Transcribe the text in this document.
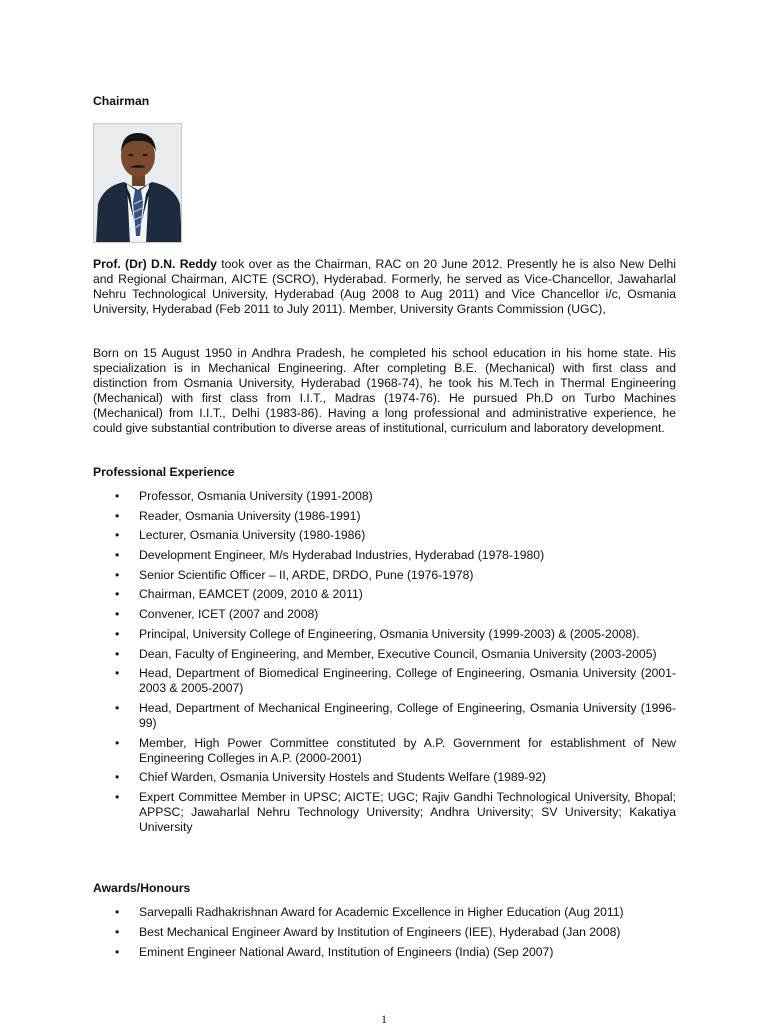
Chairman

Prof. (Dr) D.N. Reddy took over as the Chairman, RAC on 20 June 2012. Presently he is also New Delhi and Regional Chairman, AICTE (SCRO), Hyderabad. Formerly, he served as Vice-Chancellor, Jawaharlal Nehru Technological University, Hyderabad (Aug 2008 to Aug 2011) and Vice Chancellor i/c, Osmania University, Hyderabad (Feb 2011 to July 2011). Member, University Grants Commission (UGC),

Born on 15 August 1950 in Andhra Pradesh, he completed his school education in his home state. His specialization is in Mechanical Engineering. After completing B.E. (Mechanical) with first class and distinction from Osmania University, Hyderabad (1968-74), he took his M.Tech in Thermal Engineering (Mechanical) with first class from I.I.T., Madras (1974-76). He pursued Ph.D on Turbo Machines (Mechanical) from I.I.T., Delhi (1983-86). Having a long professional and administrative experience, he could give substantial contribution to diverse areas of institutional, curriculum and laboratory development.

Professional Experience
• Professor, Osmania University (1991-2008)
• Reader, Osmania University (1986-1991)
• Lecturer, Osmania University (1980-1986)
• Development Engineer, M/s Hyderabad Industries, Hyderabad (1978-1980)
• Senior Scientific Officer – II, ARDE, DRDO, Pune (1976-1978)
• Chairman, EAMCET (2009, 2010 & 2011)
• Convener, ICET (2007 and 2008)
• Principal, University College of Engineering, Osmania University (1999-2003) & (2005-2008).
• Dean, Faculty of Engineering, and Member, Executive Council, Osmania University (2003-2005)
• Head, Department of Biomedical Engineering, College of Engineering, Osmania University (2001-2003 & 2005-2007)
• Head, Department of Mechanical Engineering, College of Engineering, Osmania University (1996-99)
• Member, High Power Committee constituted by A.P. Government for establishment of New Engineering Colleges in A.P. (2000-2001)
• Chief Warden, Osmania University Hostels and Students Welfare (1989-92)
• Expert Committee Member in UPSC; AICTE; UGC; Rajiv Gandhi Technological University, Bhopal; APPSC; Jawaharlal Nehru Technology University; Andhra University; SV University; Kakatiya University
Awards/Honours
• Sarvepalli Radhakrishnan Award for Academic Excellence in Higher Education (Aug 2011)
• Best Mechanical Engineer Award by Institution of Engineers (IEE), Hyderabad (Jan 2008)
• Eminent Engineer National Award, Institution of Engineers (India) (Sep 2007)
1
